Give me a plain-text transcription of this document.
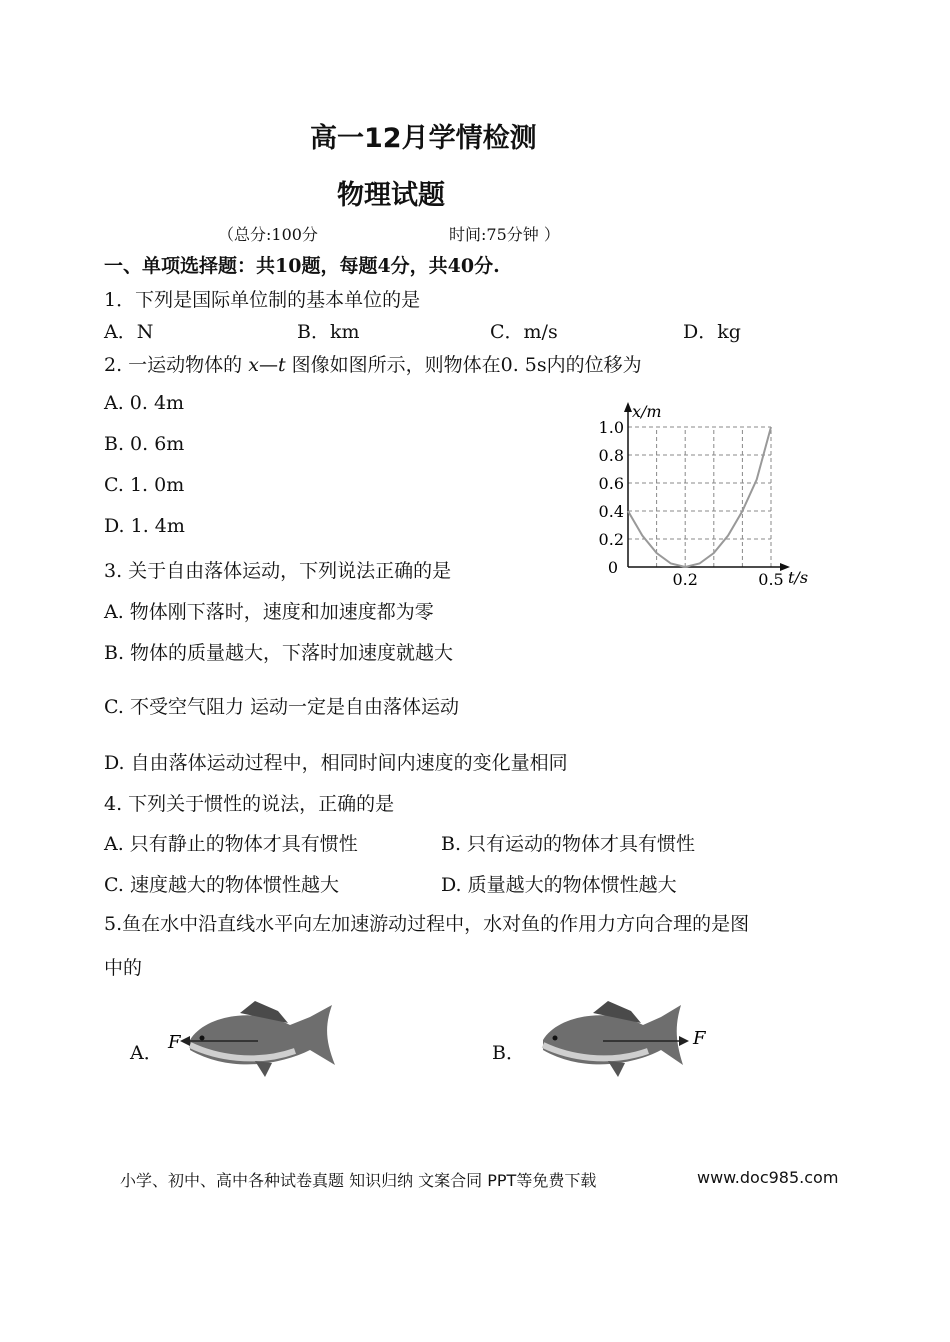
高一12月学情检测
物理试题
（总分:100分	时间:75分钟 ）
一、单项选择题：共10题，每题4分，共40分.
1．下列是国际单位制的基本单位的是
A．N	B．km	C．m/s	D．kg
2. 一运动物体的 x—t 图像如图所示，则物体在0. 5s内的位移为
A. 0. 4m
B. 0. 6m
C. 1. 0m
D. 1. 4m
0
0.2
0.4
0.6
0.8
1.0
0.2	0.5
x/m
t/s
3. 关于自由落体运动，下列说法正确的是
A. 物体刚下落时，速度和加速度都为零
B. 物体的质量越大，下落时加速度就越大
C. 不受空气阻力 运动一定是自由落体运动
D. 自由落体运动过程中，相同时间内速度的变化量相同
4. 下列关于惯性的说法，正确的是
A. 只有静止的物体才具有惯性	B. 只有运动的物体才具有惯性
C. 速度越大的物体惯性越大	D. 质量越大的物体惯性越大
5.鱼在水中沿直线水平向左加速游动过程中，水对鱼的作用力方向合理的是图
中的
A． F	B．
F
小学、初中、高中各种试卷真题 知识归纳 文案合同 PPT等免费下载	www.doc985.com
